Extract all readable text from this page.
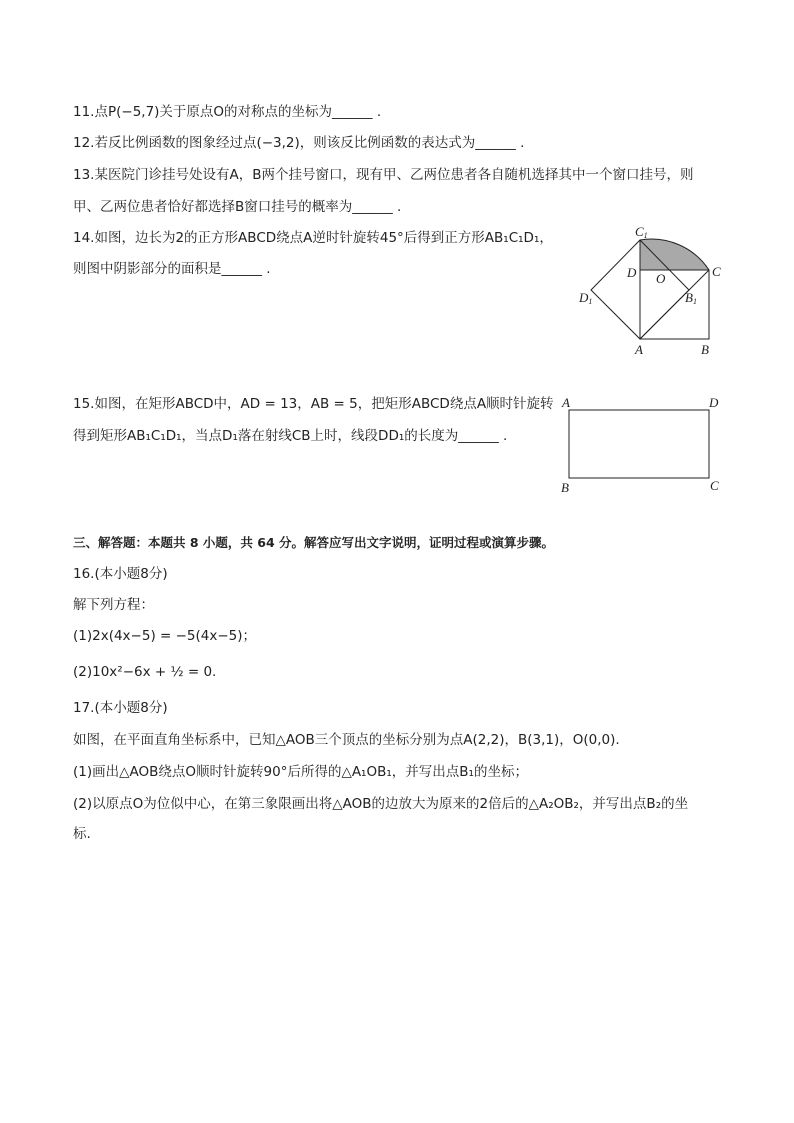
11.点P(−5,7)关于原点O的对称点的坐标为______ .
12.若反比例函数的图象经过点(−3,2)，则该反比例函数的表达式为______ .
13.某医院门诊挂号处设有A，B两个挂号窗口，现有甲、乙两位患者各自随机选择其中一个窗口挂号，则
甲、乙两位患者恰好都选择B窗口挂号的概率为______ .
14.如图，边长为2的正方形ABCD绕点A逆时针旋转45°后得到正方形AB₁C₁D₁，
则图中阴影部分的面积是______ .
C1
D O	C
D1	B1
A	B
15.如图，在矩形ABCD中，AD = 13，AB = 5，把矩形ABCD绕点A顺时针旋转
得到矩形AB₁C₁D₁，当点D₁落在射线CB上时，线段DD₁的长度为______ .
A	D
B	C
三、解答题：本题共 8 小题，共 64 分。解答应写出文字说明，证明过程或演算步骤。
16.(本小题8分)
解下列方程：
(1)2x(4x−5) = −5(4x−5)；
(2)10x²−6x + ½ = 0.
17.(本小题8分)
如图，在平面直角坐标系中，已知△AOB三个顶点的坐标分别为点A(2,2)，B(3,1)，O(0,0).
(1)画出△AOB绕点O顺时针旋转90°后所得的△A₁OB₁，并写出点B₁的坐标；
(2)以原点O为位似中心，在第三象限画出将△AOB的边放大为原来的2倍后的△A₂OB₂，并写出点B₂的坐
标.
